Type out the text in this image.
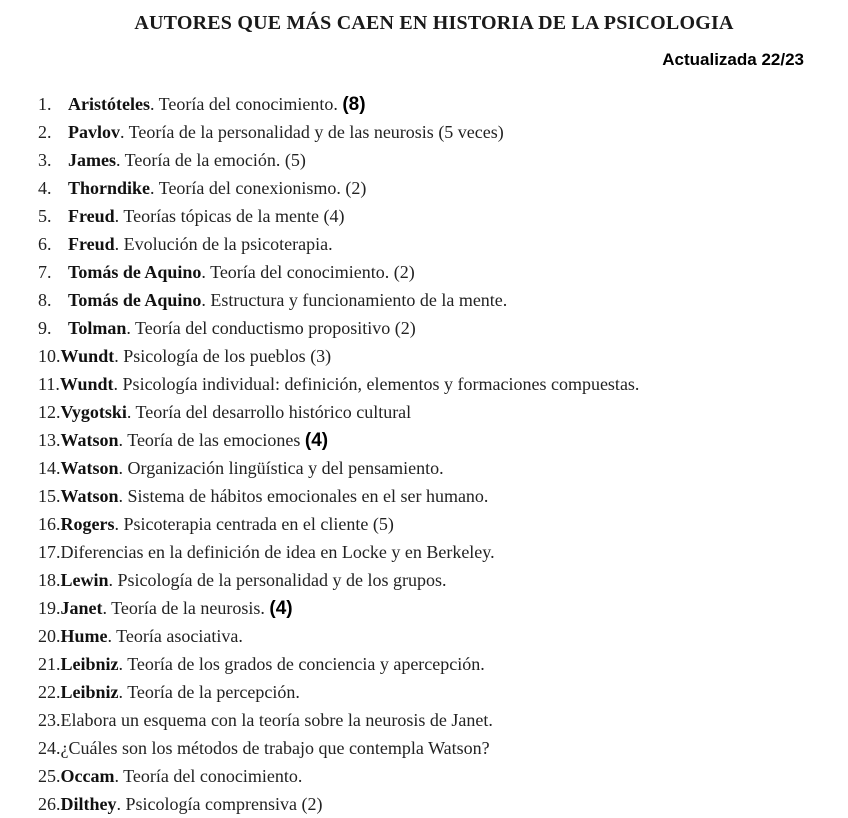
AUTORES QUE MÁS CAEN EN HISTORIA DE LA PSICOLOGIA
Actualizada 22/23
1. Aristóteles. Teoría del conocimiento. (8)
2. Pavlov. Teoría de la personalidad y de las neurosis (5 veces)
3. James. Teoría de la emoción. (5)
4. Thorndike. Teoría del conexionismo. (2)
5. Freud. Teorías tópicas de la mente (4)
6. Freud. Evolución de la psicoterapia.
7. Tomás de Aquino. Teoría del conocimiento. (2)
8. Tomás de Aquino. Estructura y funcionamiento de la mente.
9. Tolman. Teoría del conductismo propositivo (2)
10.Wundt. Psicología de los pueblos (3)
11.Wundt. Psicología individual: definición, elementos y formaciones compuestas.
12.Vygotski. Teoría del desarrollo histórico cultural
13.Watson. Teoría de las emociones (4)
14.Watson. Organización lingüística y del pensamiento.
15.Watson. Sistema de hábitos emocionales en el ser humano.
16.Rogers. Psicoterapia centrada en el cliente (5)
17.Diferencias en la definición de idea en Locke y en Berkeley.
18.Lewin. Psicología de la personalidad y de los grupos.
19.Janet. Teoría de la neurosis. (4)
20.Hume. Teoría asociativa.
21.Leibniz. Teoría de los grados de conciencia y apercepción.
22.Leibniz. Teoría de la percepción.
23.Elabora un esquema con la teoría sobre la neurosis de Janet.
24.¿Cuáles son los métodos de trabajo que contempla Watson?
25.Occam. Teoría del conocimiento.
26.Dilthey. Psicología comprensiva (2)
